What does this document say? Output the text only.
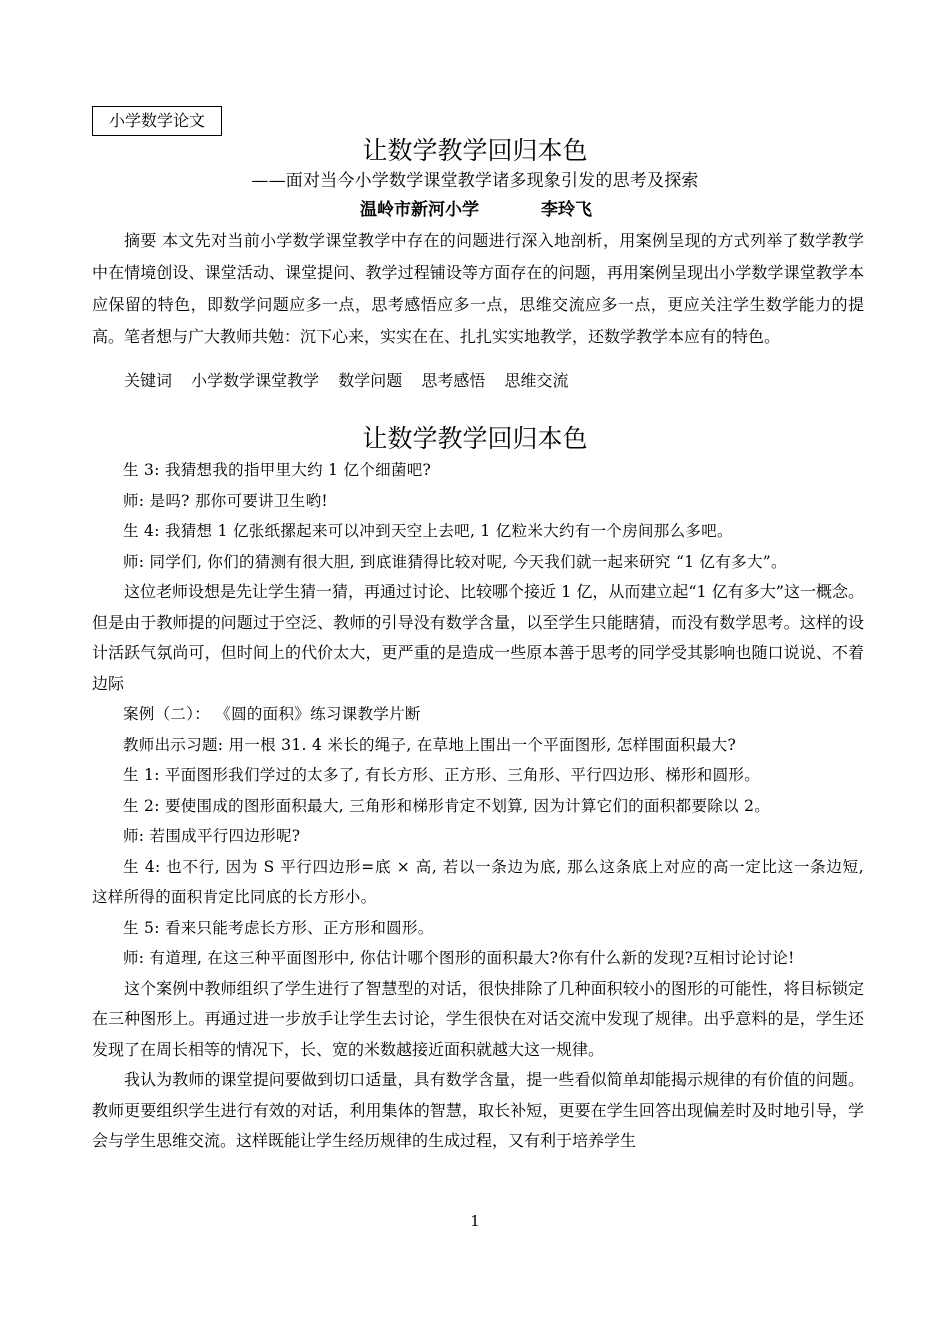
小学数学论文
让数学教学回归本色
——面对当今小学数学课堂教学诸多现象引发的思考及探索
温岭市新河小学	李玲飞

摘要 本文先对当前小学数学课堂教学中存在的问题进行深入地剖析，用案例呈现的方式列举了数学教学中在情境创设、课堂活动、课堂提问、教学过程铺设等方面存在的问题，再用案例呈现出小学数学课堂教学本应保留的特色，即数学问题应多一点，思考感悟应多一点，思维交流应多一点，更应关注学生数学能力的提高。笔者想与广大教师共勉：沉下心来，实实在在、扎扎实实地教学，还数学教学本应有的特色。

关键词 小学数学课堂教学 数学问题 思考感悟 思维交流
让数学教学回归本色

生 3: 我猜想我的指甲里大约 1 亿个细菌吧?

师: 是吗? 那你可要讲卫生哟!

生 4: 我猜想 1 亿张纸摞起来可以冲到天空上去吧, 1 亿粒米大约有一个房间那么多吧。

师: 同学们, 你们的猜测有很大胆, 到底谁猜得比较对呢, 今天我们就一起来研究 “1 亿有多大”。

这位老师设想是先让学生猜一猜，再通过讨论、比较哪个接近 1 亿，从而建立起“1 亿有多大”这一概念。但是由于教师提的问题过于空泛、教师的引导没有数学含量，以至学生只能瞎猜，而没有数学思考。这样的设计活跃气氛尚可，但时间上的代价太大，更严重的是造成一些原本善于思考的同学受其影响也随口说说、不着边际

案例（二）： 《圆的面积》练习课教学片断

教师出示习题: 用一根 31. 4 米长的绳子, 在草地上围出一个平面图形, 怎样围面积最大?

生 1: 平面图形我们学过的太多了, 有长方形、正方形、三角形、平行四边形、梯形和圆形。

生 2: 要使围成的图形面积最大, 三角形和梯形肯定不划算, 因为计算它们的面积都要除以 2。

师: 若围成平行四边形呢?

生 4: 也不行, 因为 S 平行四边形=底 × 高, 若以一条边为底, 那么这条底上对应的高一定比这一条边短, 这样所得的面积肯定比同底的长方形小。

生 5: 看来只能考虑长方形、正方形和圆形。

师: 有道理, 在这三种平面图形中, 你估计哪个图形的面积最大?你有什么新的发现?互相讨论讨论!

这个案例中教师组织了学生进行了智慧型的对话，很快排除了几种面积较小的图形的可能性，将目标锁定在三种图形上。再通过进一步放手让学生去讨论，学生很快在对话交流中发现了规律。出乎意料的是，学生还发现了在周长相等的情况下，长、宽的米数越接近面积就越大这一规律。

我认为教师的课堂提问要做到切口适量，具有数学含量，提一些看似简单却能揭示规律的有价值的问题。教师更要组织学生进行有效的对话，利用集体的智慧，取长补短，更要在学生回答出现偏差时及时地引导，学会与学生思维交流。这样既能让学生经历规律的生成过程，又有利于培养学生

1
